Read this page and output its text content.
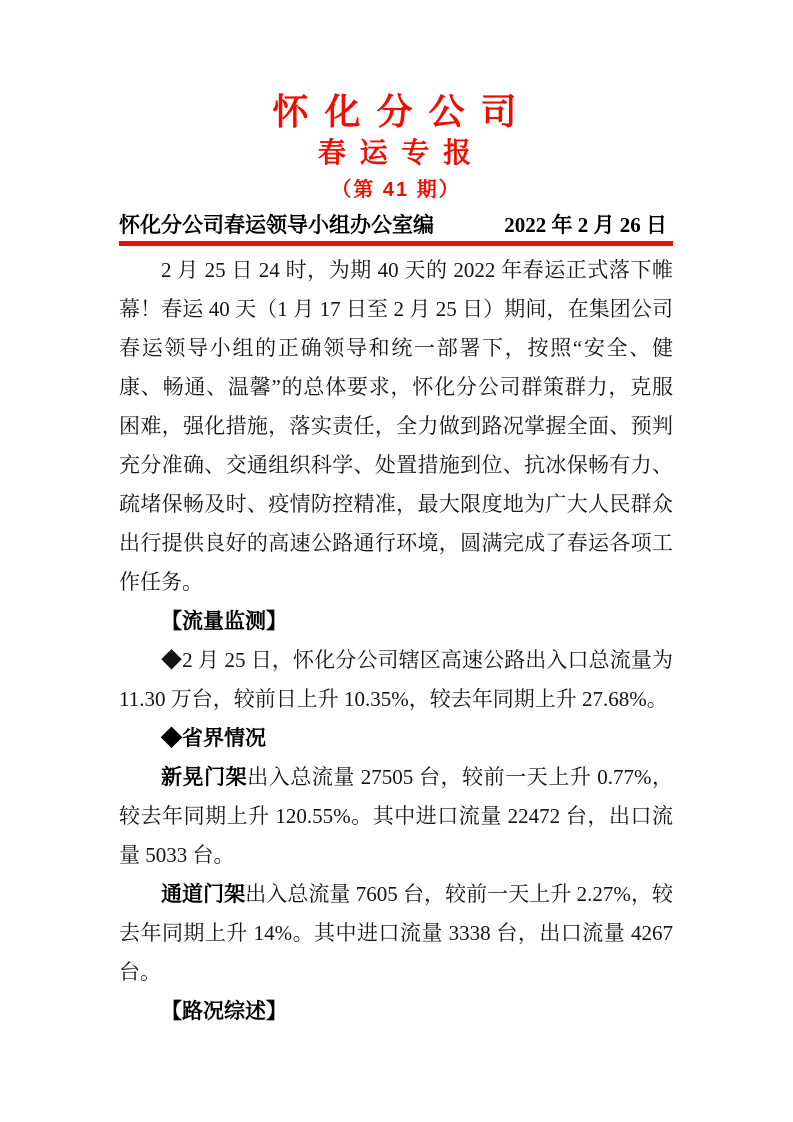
怀 化 分 公 司
春 运 专 报
（第 41 期）
怀化分公司春运领导小组办公室编	2022 年 2 月 26 日

2 月 25 日 24 时，为期 40 天的 2022 年春运正式落下帷幕！春运 40 天（1 月 17 日至 2 月 25 日）期间，在集团公司春运领导小组的正确领导和统一部署下，按照“安全、健康、畅通、温馨”的总体要求，怀化分公司群策群力，克服困难，强化措施，落实责任，全力做到路况掌握全面、预判充分准确、交通组织科学、处置措施到位、抗冰保畅有力、疏堵保畅及时、疫情防控精准，最大限度地为广大人民群众出行提供良好的高速公路通行环境，圆满完成了春运各项工作任务。

【流量监测】

◆2 月 25 日，怀化分公司辖区高速公路出入口总流量为 11.30 万台，较前日上升 10.35%，较去年同期上升 27.68%。

◆省界情况

新晃门架出入总流量 27505 台，较前一天上升 0.77%，较去年同期上升 120.55%。其中进口流量 22472 台，出口流量 5033 台。

通道门架出入总流量 7605 台，较前一天上升 2.27%，较去年同期上升 14%。其中进口流量 3338 台，出口流量 4267 台。

【路况综述】
